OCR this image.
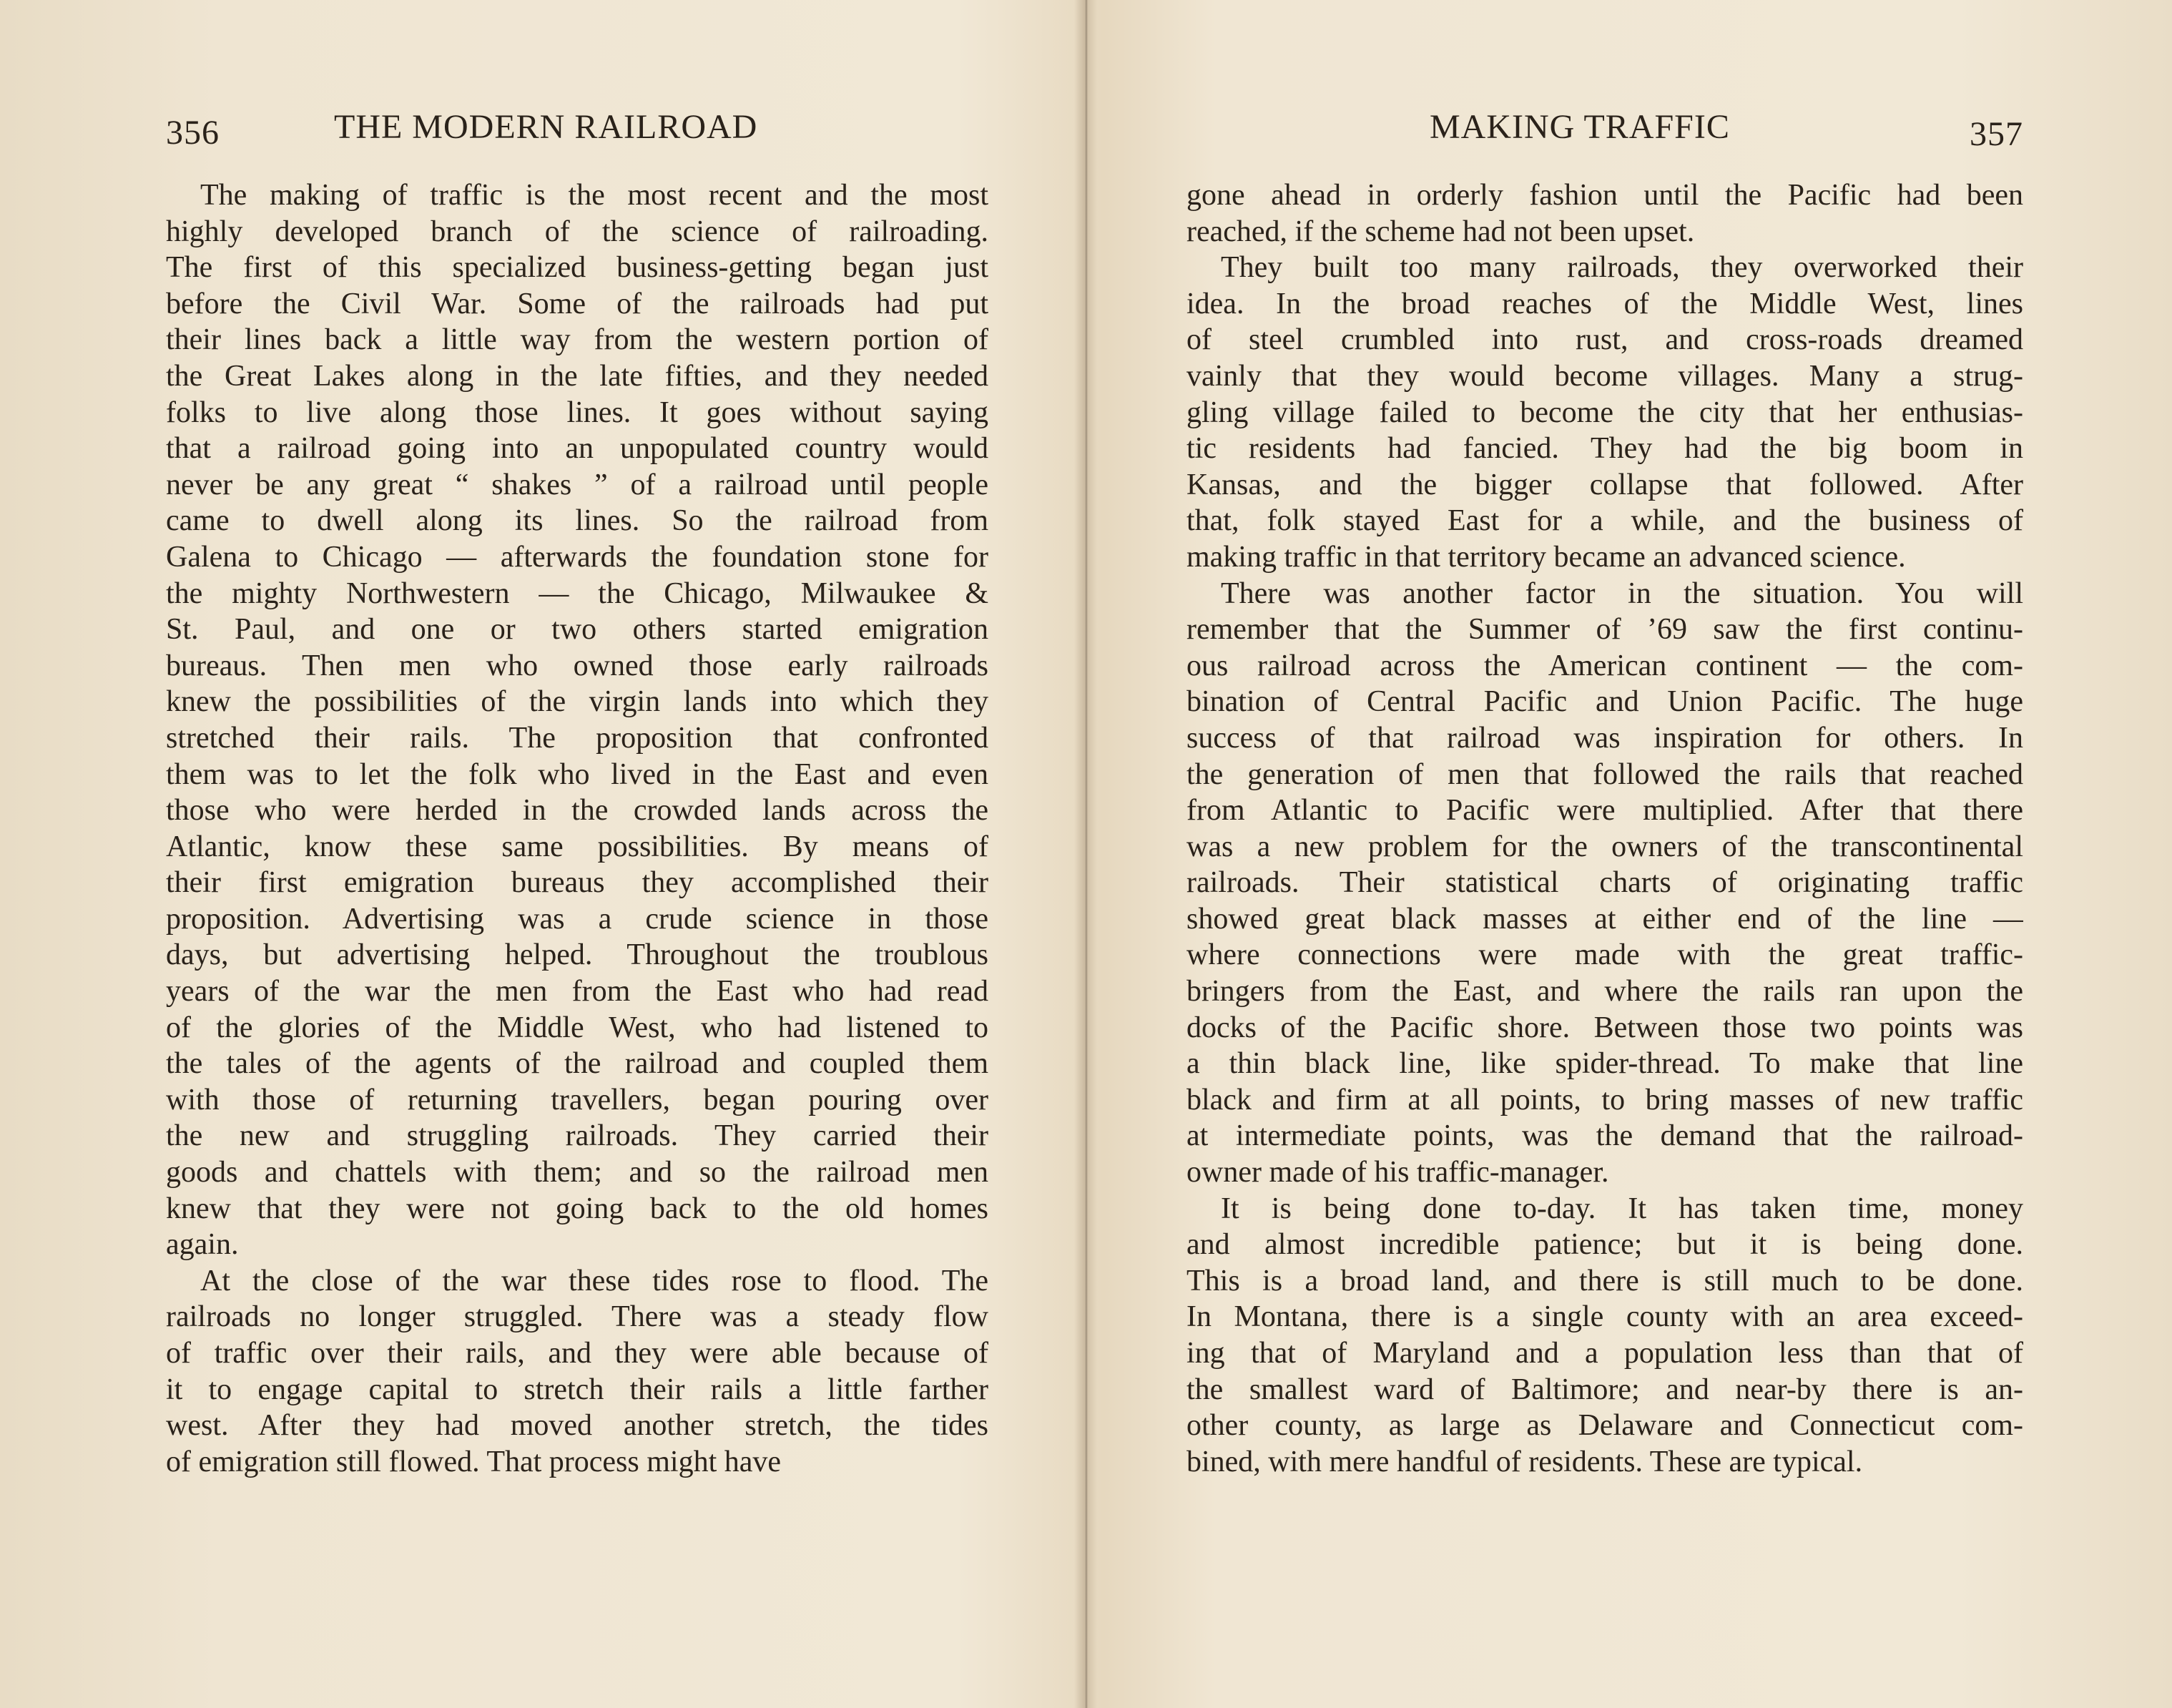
356	THE MODERN RAILROAD
The making of traffic is the most recent and the most
highly developed branch of the science of railroading.
The first of this specialized business-getting began just
before the Civil War. Some of the railroads had put
their lines back a little way from the western portion of
the Great Lakes along in the late fifties, and they needed
folks to live along those lines. It goes without saying
that a railroad going into an unpopulated country would
never be any great “ shakes ” of a railroad until people
came to dwell along its lines. So the railroad from
Galena to Chicago — afterwards the foundation stone for
the mighty Northwestern — the Chicago, Milwaukee &
St. Paul, and one or two others started emigration
bureaus. Then men who owned those early railroads
knew the possibilities of the virgin lands into which they
stretched their rails. The proposition that confronted
them was to let the folk who lived in the East and even
those who were herded in the crowded lands across the
Atlantic, know these same possibilities. By means of
their first emigration bureaus they accomplished their
proposition. Advertising was a crude science in those
days, but advertising helped. Throughout the troublous
years of the war the men from the East who had read
of the glories of the Middle West, who had listened to
the tales of the agents of the railroad and coupled them
with those of returning travellers, began pouring over
the new and struggling railroads. They carried their
goods and chattels with them; and so the railroad men
knew that they were not going back to the old homes
again.
At the close of the war these tides rose to flood. The
railroads no longer struggled. There was a steady flow
of traffic over their rails, and they were able because of
it to engage capital to stretch their rails a little farther
west. After they had moved another stretch, the tides
of emigration still flowed. That process might have
MAKING TRAFFIC	357
gone ahead in orderly fashion until the Pacific had been
reached, if the scheme had not been upset.
They built too many railroads, they overworked their
idea. In the broad reaches of the Middle West, lines
of steel crumbled into rust, and cross-roads dreamed
vainly that they would become villages. Many a strug-
gling village failed to become the city that her enthusias-
tic residents had fancied. They had the big boom in
Kansas, and the bigger collapse that followed. After
that, folk stayed East for a while, and the business of
making traffic in that territory became an advanced science.
There was another factor in the situation. You will
remember that the Summer of ’69 saw the first continu-
ous railroad across the American continent — the com-
bination of Central Pacific and Union Pacific. The huge
success of that railroad was inspiration for others. In
the generation of men that followed the rails that reached
from Atlantic to Pacific were multiplied. After that there
was a new problem for the owners of the transcontinental
railroads. Their statistical charts of originating traffic
showed great black masses at either end of the line —
where connections were made with the great traffic-
bringers from the East, and where the rails ran upon the
docks of the Pacific shore. Between those two points was
a thin black line, like spider-thread. To make that line
black and firm at all points, to bring masses of new traffic
at intermediate points, was the demand that the railroad-
owner made of his traffic-manager.
It is being done to-day. It has taken time, money
and almost incredible patience; but it is being done.
This is a broad land, and there is still much to be done.
In Montana, there is a single county with an area exceed-
ing that of Maryland and a population less than that of
the smallest ward of Baltimore; and near-by there is an-
other county, as large as Delaware and Connecticut com-
bined, with mere handful of residents. These are typical.
